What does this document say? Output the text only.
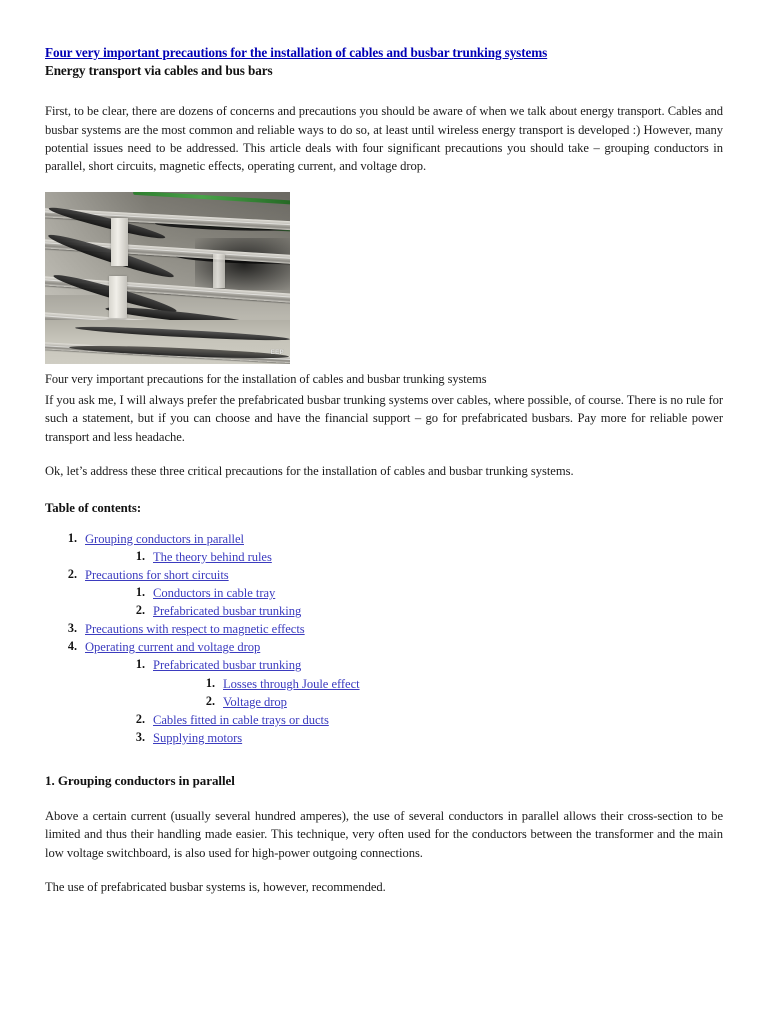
Four very important precautions for the installation of cables and busbar trunking systems
Energy transport via cables and bus bars

First, to be clear, there are dozens of concerns and precautions you should be aware of when we talk about energy transport. Cables and busbar systems are the most common and reliable ways to do so, at least until wireless energy transport is developed :) However, many potential issues need to be addressed. This article deals with four significant precautions you should take – grouping conductors in parallel, short circuits, magnetic effects, operating current, and voltage drop.

EEP
Four very important precautions for the installation of cables and busbar trunking systems

If you ask me, I will always prefer the prefabricated busbar trunking systems over cables, where possible, of course. There is no rule for such a statement, but if you can choose and have the financial support – go for prefabricated busbars. Pay more for reliable power transport and less headache.

Ok, let’s address these three critical precautions for the installation of cables and busbar trunking systems.

Table of contents:
1. Grouping conductors in parallel
1. The theory behind rules
2. Precautions for short circuits
1. Conductors in cable tray
2. Prefabricated busbar trunking
3. Precautions with respect to magnetic effects
4. Operating current and voltage drop
1. Prefabricated busbar trunking
1. Losses through Joule effect
2. Voltage drop
2. Cables fitted in cable trays or ducts
3. Supplying motors
1. Grouping conductors in parallel

Above a certain current (usually several hundred amperes), the use of several conductors in parallel allows their cross-section to be limited and thus their handling made easier. This technique, very often used for the conductors between the transformer and the main low voltage switchboard, is also used for high-power outgoing connections.

The use of prefabricated busbar systems is, however, recommended.
